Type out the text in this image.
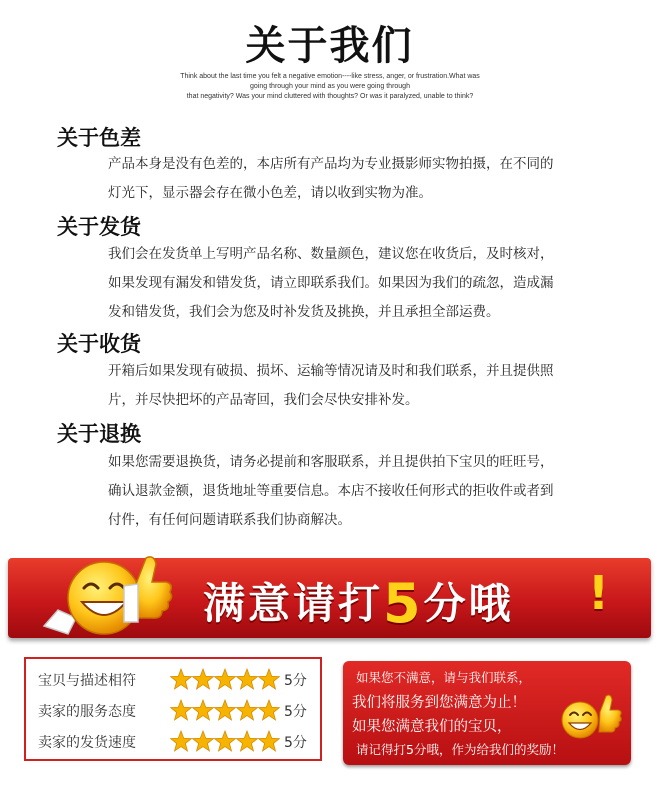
关于我们
Think about the last time you felt a negative emotion----like stress, anger, or frustration.What was
going through your mind as you were going through
that negativity? Was your mind cluttered with thoughts? Or was it paralyzed, unable to think?
关于色差
产品本身是没有色差的，本店所有产品均为专业摄影师实物拍摄，在不同的
灯光下，显示器会存在微小色差，请以收到实物为准。
关于发货
我们会在发货单上写明产品名称、数量颜色，建议您在收货后，及时核对，
如果发现有漏发和错发货，请立即联系我们。如果因为我们的疏忽，造成漏
发和错发货，我们会为您及时补发货及挑换，并且承担全部运费。
关于收货
开箱后如果发现有破损、损坏、运输等情况请及时和我们联系，并且提供照
片，并尽快把坏的产品寄回，我们会尽快安排补发。
关于退换
如果您需要退换货，请务必提前和客服联系，并且提供拍下宝贝的旺旺号，
确认退款金额，退货地址等重要信息。本店不接收任何形式的拒收件或者到
付件，有任何问题请联系我们协商解决。
满意请打5分哦 !
宝贝与描述相符	5分
卖家的服务态度	5分
卖家的发货速度	5分
如果您不满意，请与我们联系，
我们将服务到您满意为止！
如果您满意我们的宝贝，
请记得打5分哦，作为给我们的奖励！
